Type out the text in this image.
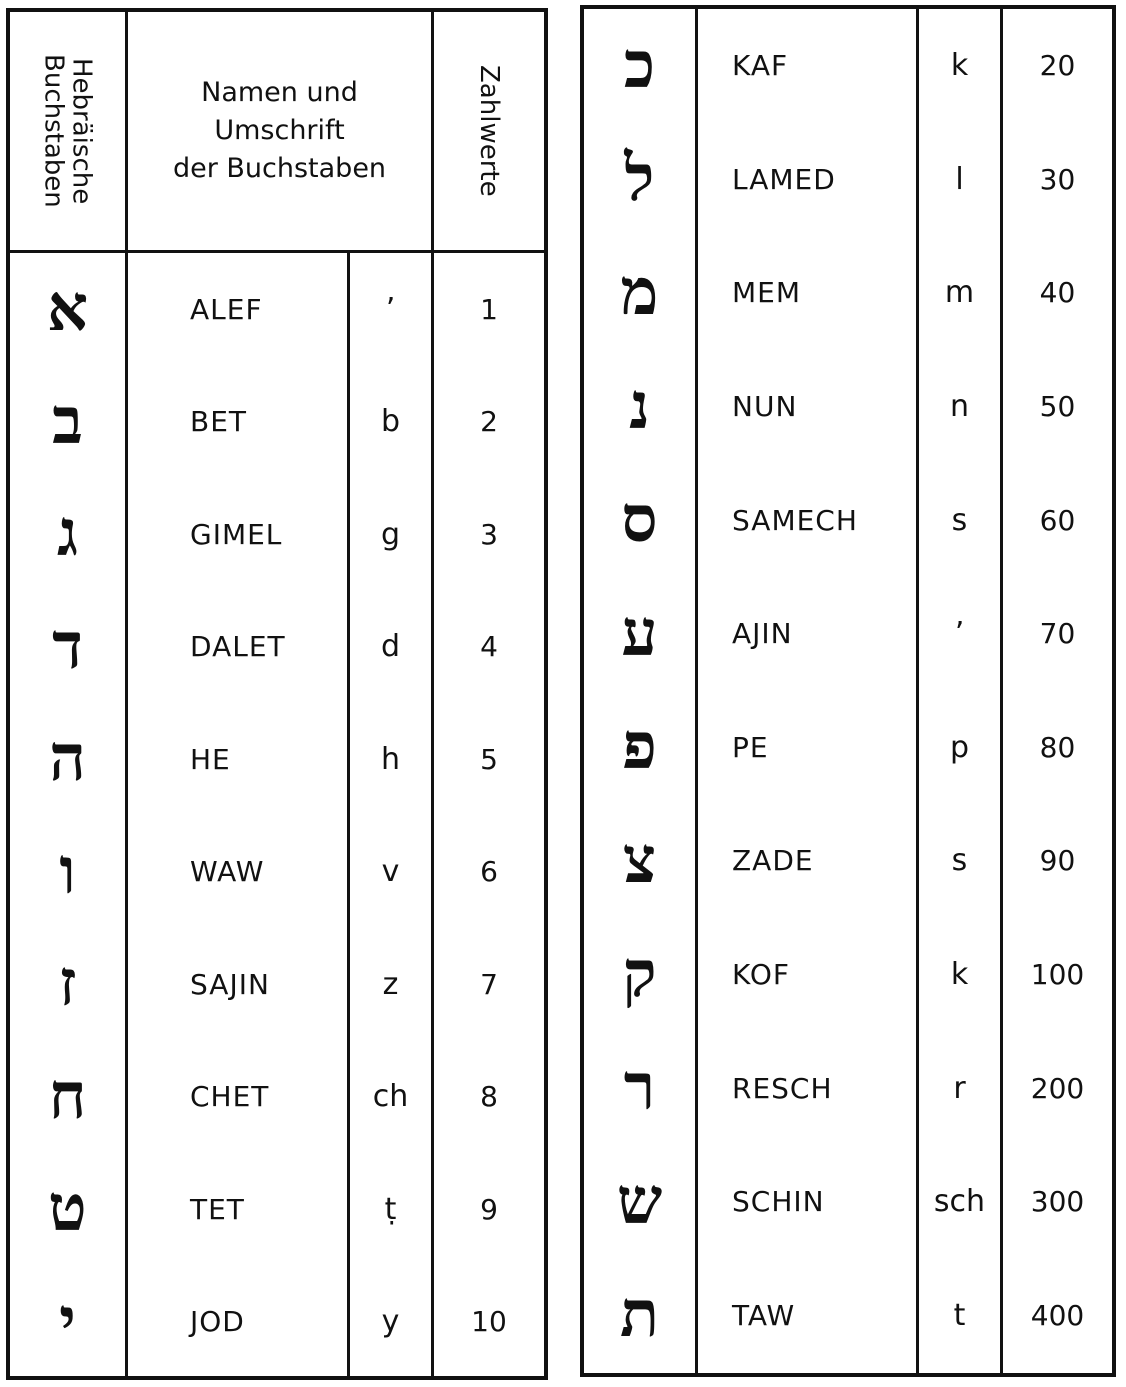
Hebräische
Buchstaben	Namen und
Umschrift
der Buchstaben	Zahlwerte
א	ALEF	’	1
ב	BET	b	2
ג	GIMEL	g	3
ד	DALET	d	4
ה	HE	h	5
ו	WAW	v	6
ז	SAJIN	z	7
ח	CHET	ch	8
ט	TET	ṭ	9
י	JOD	y	10
כ	KAF	k	20
ל	LAMED	l	30
מ	MEM	m	40
נ	NUN	n	50
ס	SAMECH	s	60
ע	AJIN	’	70
פ	PE	p	80
צ	ZADE	s	90
ק	KOF	k	100
ר	RESCH	r	200
ש	SCHIN	sch	300
ת	TAW	t	400
